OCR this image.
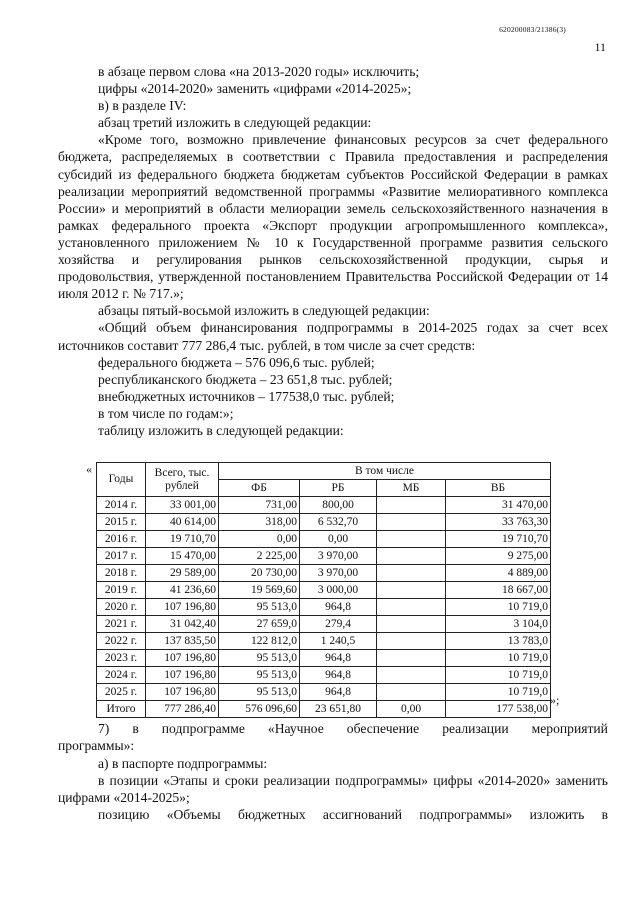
620200083/21386(3)
11

в абзаце первом слова «на 2013-2020 годы» исключить;

цифры «2014-2020» заменить «цифрами «2014-2025»;

в) в разделе IV:

абзац третий изложить в следующей редакции:

«Кроме того, возможно привлечение финансовых ресурсов за счет федерального бюджета, распределяемых в соответствии с Правила предоставления и распределения субсидий из федерального бюджета бюджетам субъектов Российской Федерации в рамках реализации мероприятий ведомственной программы «Развитие мелиоративного комплекса России» и мероприятий в области мелиорации земель сельскохозяйственного назначения в рамках федерального проекта «Экспорт продукции агропромышленного комплекса», установленного приложением № 10 к Государственной программе развития сельского хозяйства и регулирования рынков сельскохозяйственной продукции, сырья и продовольствия, утвержденной постановлением Правительства Российской Федерации от 14 июля 2012 г. № 717.»;

абзацы пятый-восьмой изложить в следующей редакции:

«Общий объем финансирования подпрограммы в 2014-2025 годах за счет всех источников составит 777 286,4 тыс. рублей, в том числе за счет средств:

федерального бюджета – 576 096,6 тыс. рублей;

республиканского бюджета – 23 651,8 тыс. рублей;

внебюджетных источников – 177538,0 тыс. рублей;

в том числе по годам:»;

таблицу изложить в следующей редакции:

«
Годы	Всего, тыс.
рублей	В том числе			
		ФБ	РБ	МБ	ВБ
2014 г.	33 001,00	731,00	800,00		31 470,00
2015 г.	40 614,00	318,00	6 532,70		33 763,30
2016 г.	19 710,70	0,00	0,00		19 710,70
2017 г.	15 470,00	2 225,00	3 970,00		9 275,00
2018 г.	29 589,00	20 730,00	3 970,00		4 889,00
2019 г.	41 236,60	19 569,60	3 000,00		18 667,00
2020 г.	107 196,80	95 513,0	964,8		10 719,0
2021 г.	31 042,40	27 659,0	279,4		3 104,0
2022 г.	137 835,50	122 812,0	1 240,5		13 783,0
2023 г.	107 196,80	95 513,0	964,8		10 719,0
2024 г.	107 196,80	95 513,0	964,8		10 719,0
2025 г.	107 196,80	95 513,0	964,8		10 719,0
Итого	777 286,40	576 096,60	23 651,80	0,00	177 538,00
»;

7) в подпрограмме «Научное обеспечение реализации мероприятий

программы»:

а) в паспорте подпрограммы:

в позиции «Этапы и сроки реализации подпрограммы» цифры «2014-2020» заменить цифрами «2014-2025»;

позицию «Объемы бюджетных ассигнований подпрограммы» изложить в
